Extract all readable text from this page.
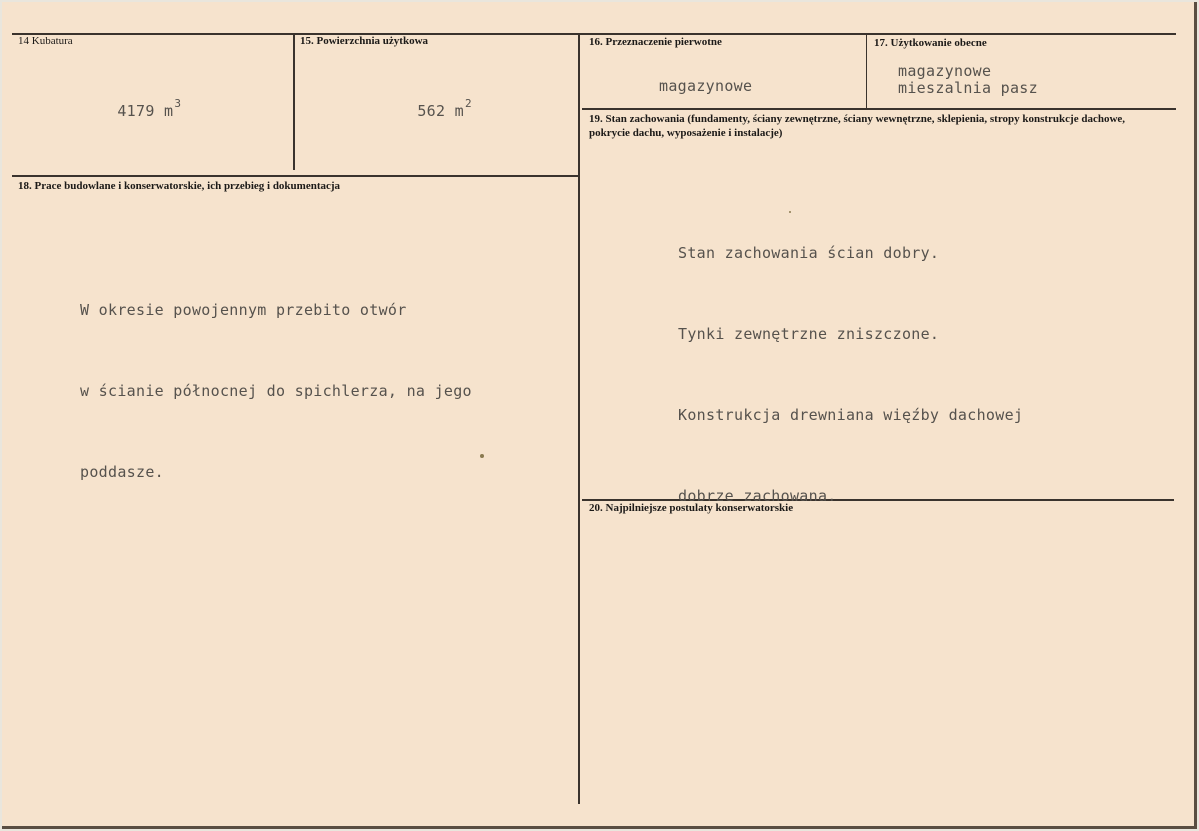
14 Kubatura

4179 $m^3$

15. Powierzchnia użytkowa

562 $m^2$

16. Przeznaczenie pierwotne
magazynowe
17. Użytkowanie obecne
magazynowe
mieszalnia pasz
18. Prace budowlane i konserwatorskie, ich przebieg i dokumentacja

W okresie powojennym przebito otwór

w ścianie północnej do spichlerza, na jego

poddasze.

19. Stan zachowania (fundamenty, ściany zewnętrzne, ściany wewnętrzne, sklepienia, stropy konstrukcje dachowe, pokrycie dachu, wyposażenie i instalacje)

Stan zachowania ścian dobry.

Tynki zewnętrzne zniszczone.

Konstrukcja drewniana więźby dachowej

dobrze zachowana.

20. Najpilniejsze postulaty konserwatorskie
